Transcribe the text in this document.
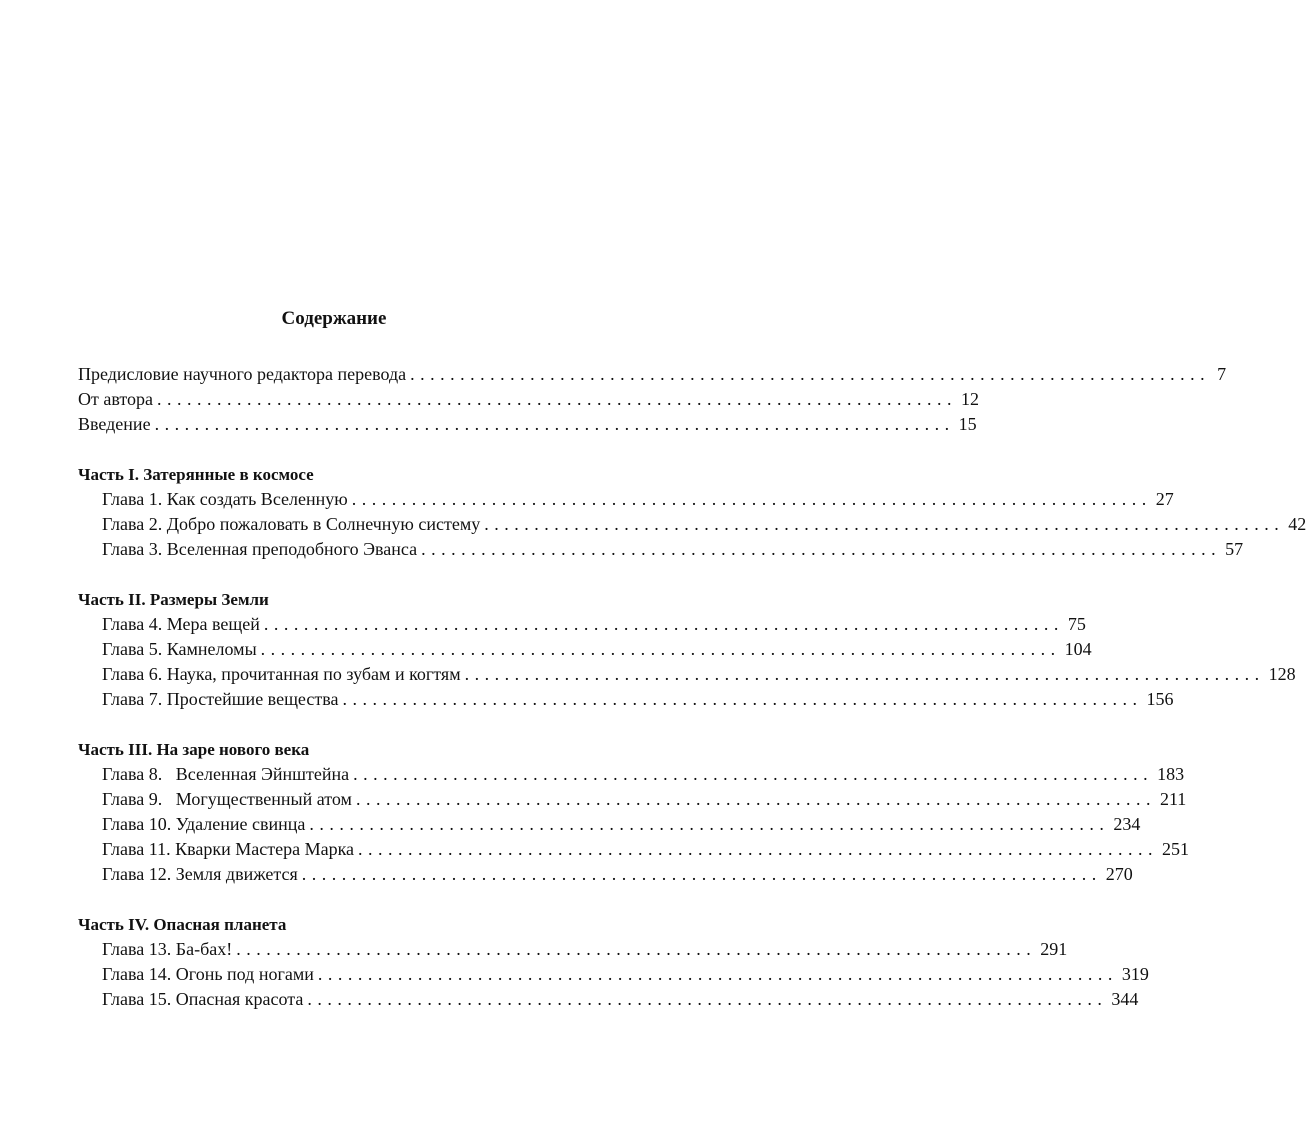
Содержание
Предисловие научного редактора перевода ................................................................................ 7
От автора ................................................................................ 12
Введение ................................................................................ 15
Часть I. Затерянные в космосе
Глава 1. Как создать Вселенную ................................................................................ 27
Глава 2. Добро пожаловать в Солнечную систему ................................................................................ 42
Глава 3. Вселенная преподобного Эванса ................................................................................ 57
Часть II. Размеры Земли
Глава 4. Мера вещей ................................................................................ 75
Глава 5. Камнеломы ................................................................................ 104
Глава 6. Наука, прочитанная по зубам и когтям ................................................................................ 128
Глава 7. Простейшие вещества ................................................................................ 156
Часть III. На заре нового века
Глава 8.   Вселенная Эйнштейна ................................................................................ 183
Глава 9.   Могущественный атом ................................................................................ 211
Глава 10. Удаление свинца ................................................................................ 234
Глава 11. Кварки Мастера Марка ................................................................................ 251
Глава 12. Земля движется ................................................................................ 270
Часть IV. Опасная планета
Глава 13. Ба-бах! ................................................................................ 291
Глава 14. Огонь под ногами ................................................................................ 319
Глава 15. Опасная красота ................................................................................ 344
